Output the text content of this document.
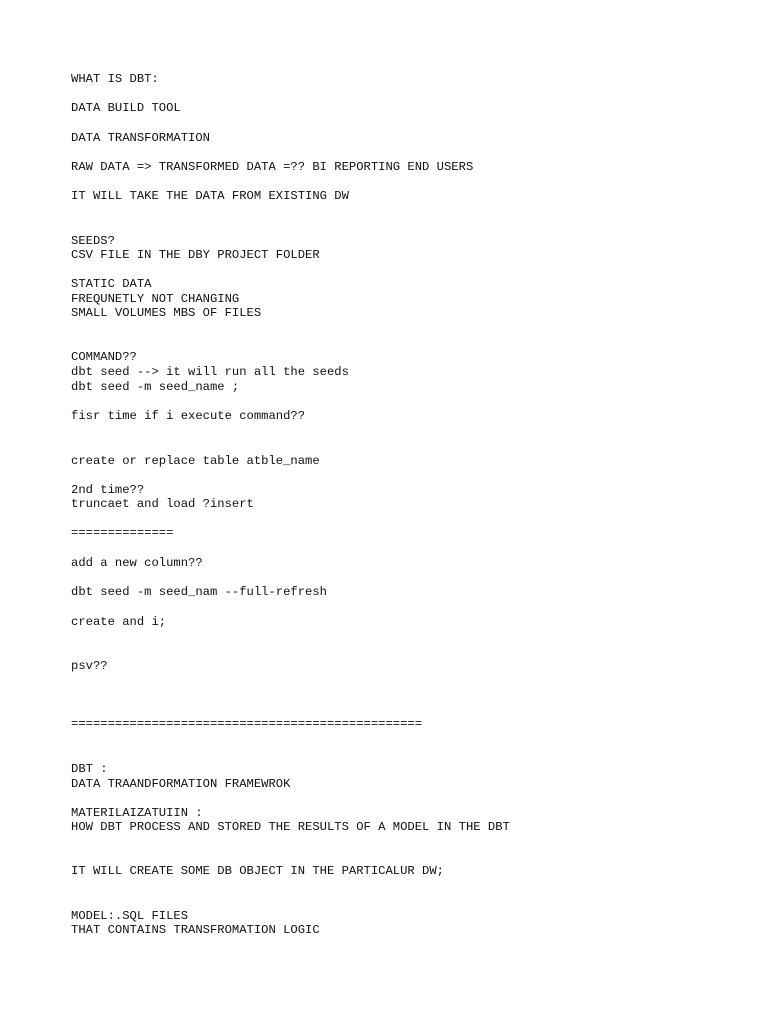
WHAT IS DBT:

DATA BUILD TOOL

DATA TRANSFORMATION

RAW DATA => TRANSFORMED DATA =?? BI REPORTING END USERS

IT WILL TAKE THE DATA FROM EXISTING DW

SEEDS?

CSV FILE IN THE DBY PROJECT FOLDER

STATIC DATA

FREQUNETLY NOT CHANGING

SMALL VOLUMES MBS OF FILES

COMMAND??

dbt seed --> it will run all the seeds

dbt seed -m seed_name ;

fisr time if i execute command??

create or replace table atble_name

2nd time??

truncaet and load ?insert

==============

add a new column??

dbt seed -m seed_nam --full-refresh

create and i;

psv??

================================================

DBT :

DATA TRAANDFORMATION FRAMEWROK

MATERILAIZATUIIN :

HOW DBT PROCESS AND STORED THE RESULTS OF A MODEL IN THE DBT

IT WILL CREATE SOME DB OBJECT IN THE PARTICALUR DW;

MODEL:.SQL FILES

THAT CONTAINS TRANSFROMATION LOGIC
